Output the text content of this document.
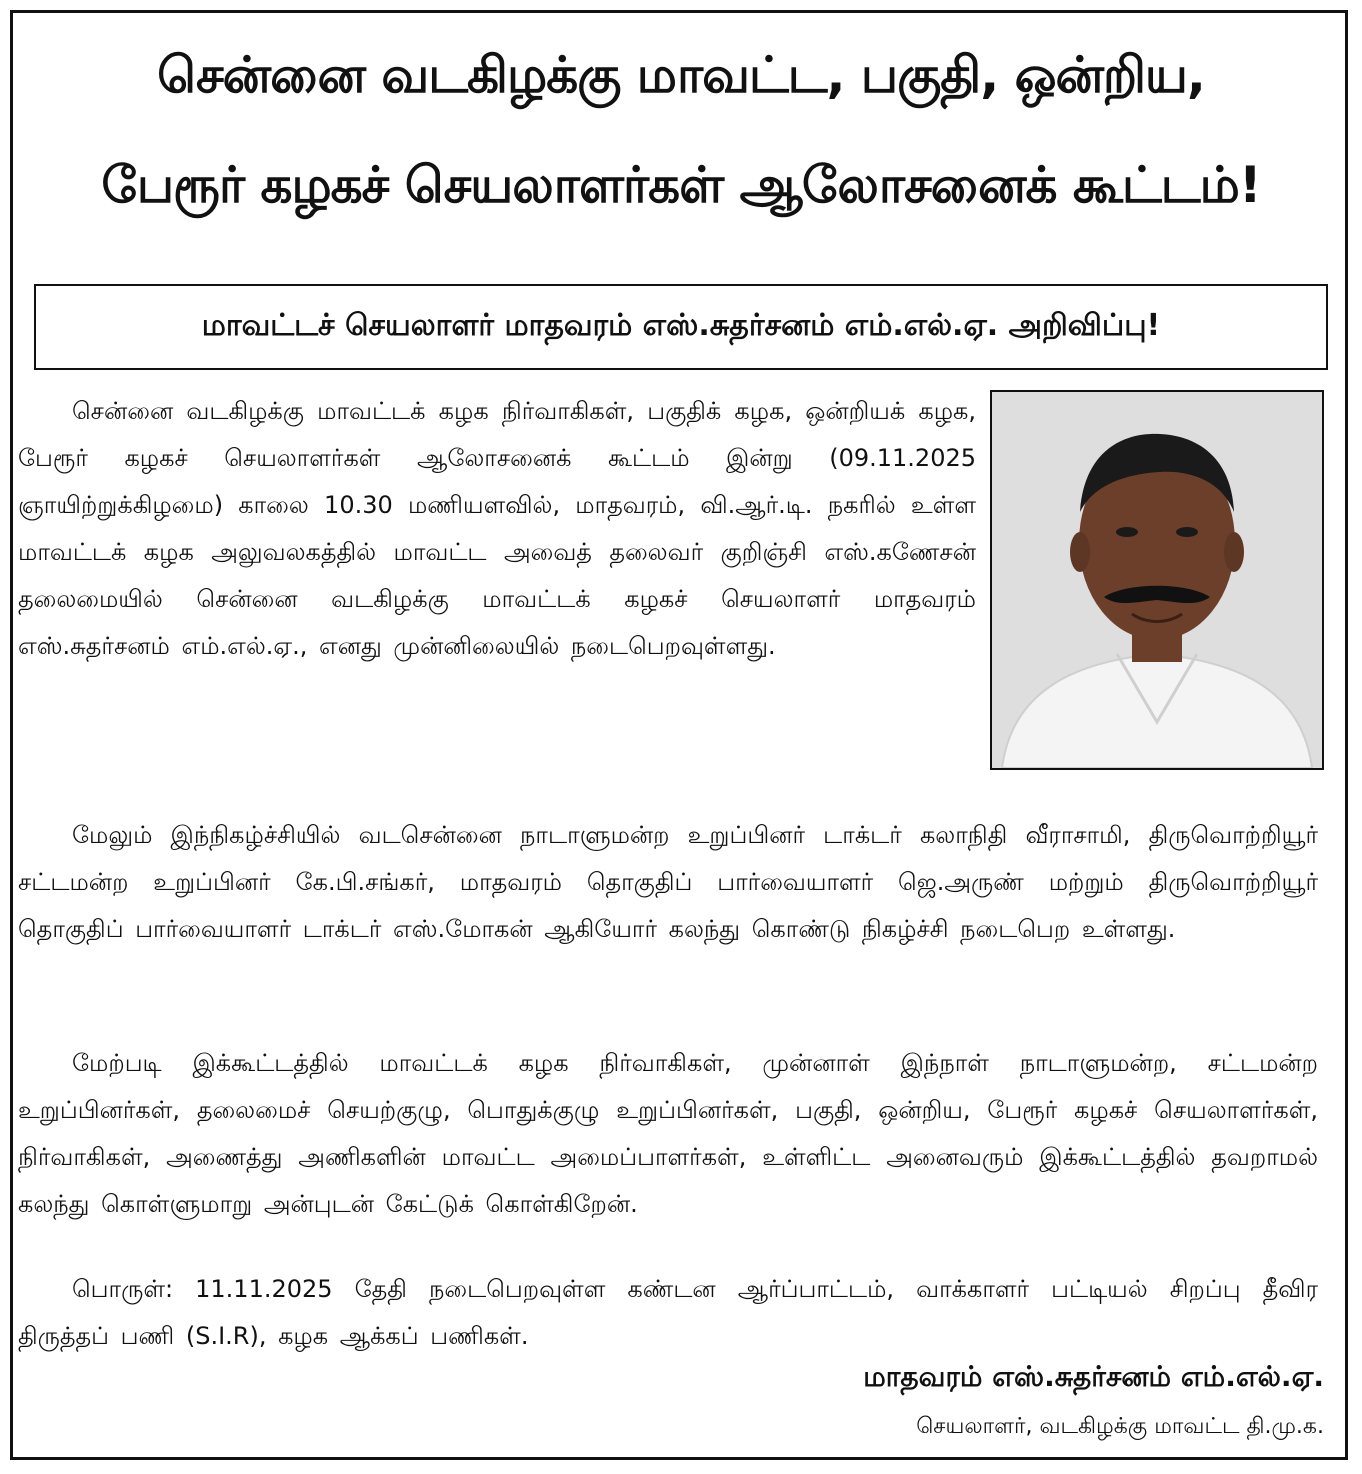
சென்னை வடகிழக்கு மாவட்ட, பகுதி, ஒன்றிய,
பேரூர் கழகச் செயலாளர்கள் ஆலோசனைக் கூட்டம்!
மாவட்டச் செயலாளர் மாதவரம் எஸ்.சுதர்சனம் எம்.எல்.ஏ. அறிவிப்பு!
சென்னை வடகிழக்கு மாவட்டக் கழக நிர்வாகிகள், பகுதிக் கழக, ஒன்றியக் கழக, பேரூர் கழகச் செயலாளர்கள் ஆலோசனைக் கூட்டம் இன்று (09.11.2025 ஞாயிற்றுக்கிழமை) காலை 10.30 மணியளவில், மாதவரம், வி.ஆர்.டி. நகரில் உள்ள மாவட்டக் கழக அலுவலகத்தில் மாவட்ட அவைத் தலைவர் குறிஞ்சி எஸ்.கணேசன் தலைமையில் சென்னை வடகிழக்கு மாவட்டக் கழகச் செயலாளர் மாதவரம் எஸ்.சுதர்சனம் எம்.எல்.ஏ., எனது முன்னிலையில் நடைபெறவுள்ளது.
மேலும் இந்நிகழ்ச்சியில் வடசென்னை நாடாளுமன்ற உறுப்பினர் டாக்டர் கலாநிதி வீராசாமி, திருவொற்றியூர் சட்டமன்ற உறுப்பினர் கே.பி.சங்கர், மாதவரம் தொகுதிப் பார்வையாளர் ஜெ.அருண் மற்றும் திருவொற்றியூர் தொகுதிப் பார்வையாளர் டாக்டர் எஸ்.மோகன் ஆகியோர் கலந்து கொண்டு நிகழ்ச்சி நடைபெற உள்ளது.
மேற்படி இக்கூட்டத்தில் மாவட்டக் கழக நிர்வாகிகள், முன்னாள் இந்நாள் நாடாளுமன்ற, சட்டமன்ற உறுப்பினர்கள், தலைமைச் செயற்குழு, பொதுக்குழு உறுப்பினர்கள், பகுதி, ஒன்றிய, பேரூர் கழகச் செயலாளர்கள், நிர்வாகிகள், அணைத்து அணிகளின் மாவட்ட அமைப்பாளர்கள், உள்ளிட்ட அனைவரும் இக்கூட்டத்தில் தவறாமல் கலந்து கொள்ளுமாறு அன்புடன் கேட்டுக் கொள்கிறேன்.
பொருள்: 11.11.2025 தேதி நடைபெறவுள்ள கண்டன ஆர்ப்பாட்டம், வாக்காளர் பட்டியல் சிறப்பு தீவிர திருத்தப் பணி (S.I.R), கழக ஆக்கப் பணிகள்.
மாதவரம் எஸ்.சுதர்சனம் எம்.எல்.ஏ.
செயலாளர், வடகிழக்கு மாவட்ட தி.மு.க.
